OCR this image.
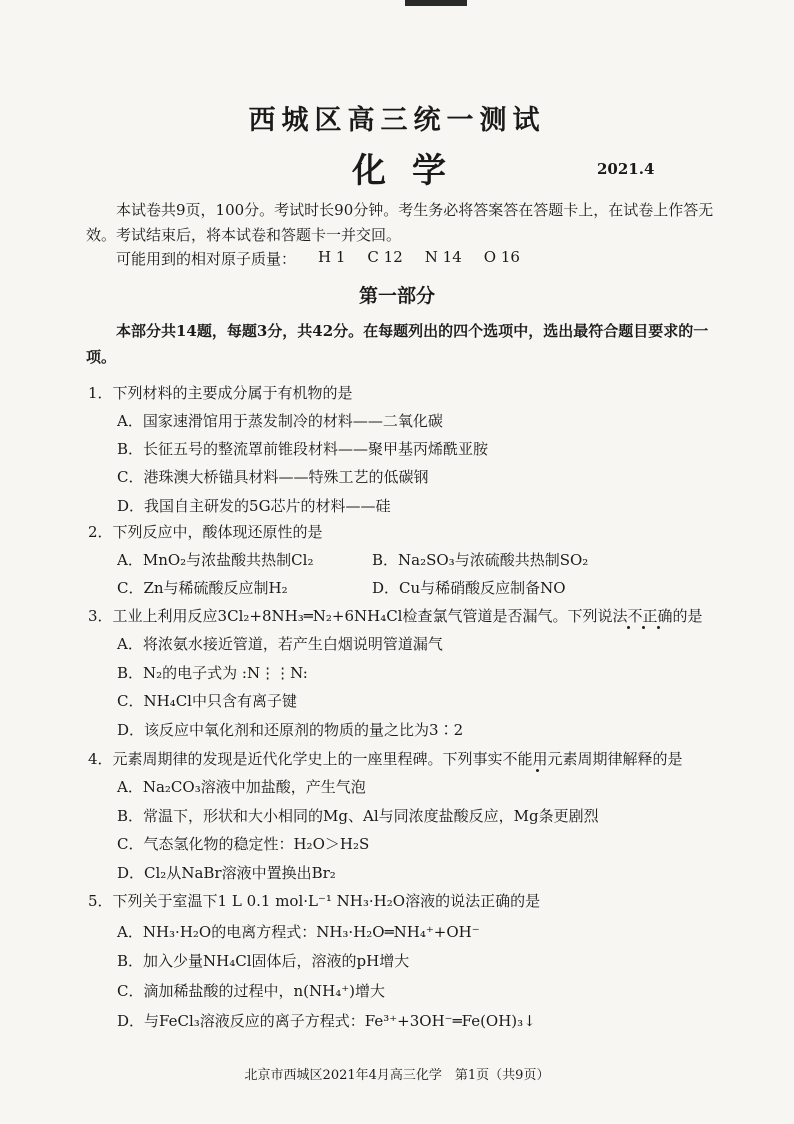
西城区高三统一测试
化学	2021.4
本试卷共9页，100分。考试时长90分钟。考生务必将答案答在答题卡上，在试卷上作答无效。考试结束后，将本试卷和答题卡一并交回。
可能用到的相对原子质量： H 1 C 12 N 14 O 16
第一部分
本部分共14题，每题3分，共42分。在每题列出的四个选项中，选出最符合题目要求的一项。
1．下列材料的主要成分属于有机物的是
A．国家速滑馆用于蒸发制冷的材料——二氧化碳
B．长征五号的整流罩前锥段材料——聚甲基丙烯酰亚胺
C．港珠澳大桥锚具材料——特殊工艺的低碳钢
D．我国自主研发的5G芯片的材料——硅
2．下列反应中，酸体现还原性的是
A．MnO₂与浓盐酸共热制Cl₂	B．Na₂SO₃与浓硫酸共热制SO₂
C．Zn与稀硫酸反应制H₂	D．Cu与稀硝酸反应制备NO
3．工业上利用反应3Cl₂+8NH₃═N₂+6NH₄Cl检查氯气管道是否漏气。下列说法不正确的是
A．将浓氨水接近管道，若产生白烟说明管道漏气
B．N₂的电子式为 :N⋮⋮N:
C．NH₄Cl中只含有离子键
D．该反应中氧化剂和还原剂的物质的量之比为3∶2
4．元素周期律的发现是近代化学史上的一座里程碑。下列事实不能用元素周期律解释的是
A．Na₂CO₃溶液中加盐酸，产生气泡
B．常温下，形状和大小相同的Mg、Al与同浓度盐酸反应，Mg条更剧烈
C．气态氢化物的稳定性：H₂O＞H₂S
D．Cl₂从NaBr溶液中置换出Br₂
5．下列关于室温下1 L 0.1 mol·L⁻¹ NH₃·H₂O溶液的说法正确的是
A．NH₃·H₂O的电离方程式：NH₃·H₂O═NH₄⁺+OH⁻
B．加入少量NH₄Cl固体后，溶液的pH增大
C．滴加稀盐酸的过程中，n(NH₄⁺)增大
D．与FeCl₃溶液反应的离子方程式：Fe³⁺+3OH⁻═Fe(OH)₃↓
北京市西城区2021年4月高三化学　第1页（共9页）
